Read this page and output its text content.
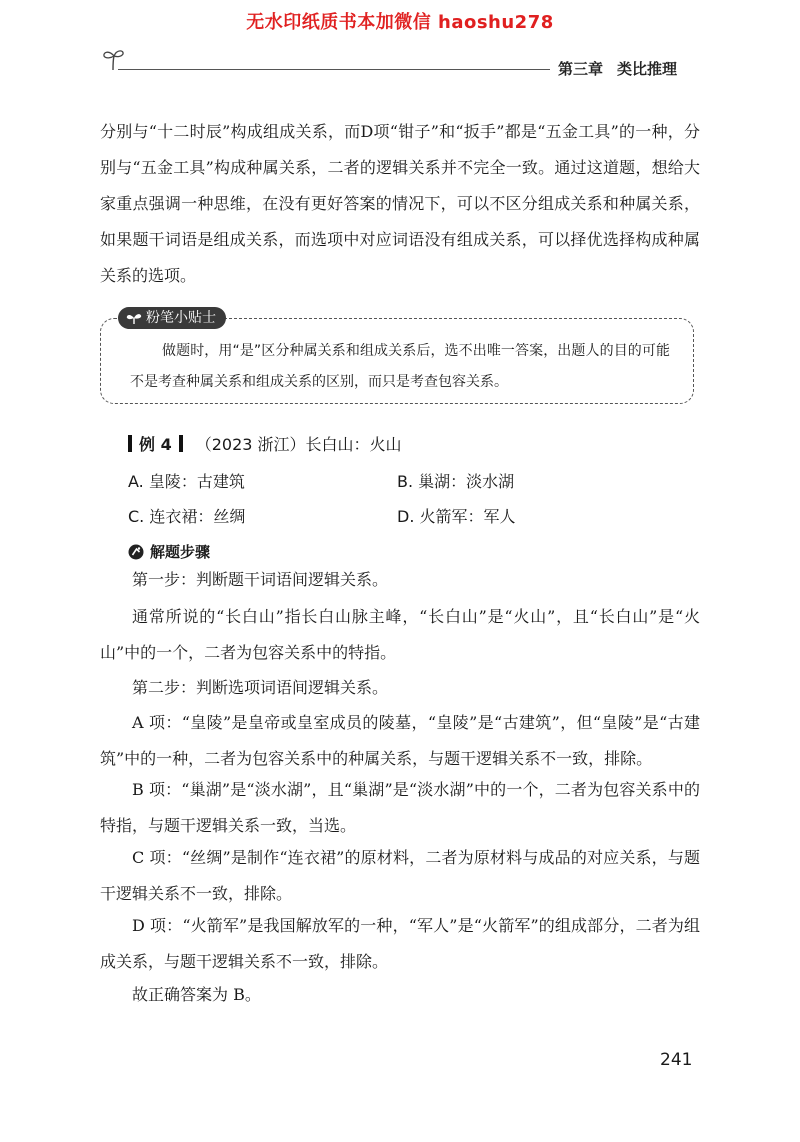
无水印纸质书本加微信 haoshu278
第三章 类比推理
分别与“十二时辰”构成组成关系，而D项“钳子”和“扳手”都是“五金工具”的一种，分别与“五金工具”构成种属关系，二者的逻辑关系并不完全一致。通过这道题，想给大家重点强调一种思维，在没有更好答案的情况下，可以不区分组成关系和种属关系，如果题干词语是组成关系，而选项中对应词语没有组成关系，可以择优选择构成种属关系的选项。
粉笔小贴士
做题时，用“是”区分种属关系和组成关系后，选不出唯一答案，出题人的目的可能不是考查种属关系和组成关系的区别，而只是考查包容关系。
例 4 （2023 浙江）长白山：火山
A. 皇陵：古建筑	B. 巢湖：淡水湖
C. 连衣裙：丝绸	D. 火箭军：军人
解题步骤
第一步：判断题干词语间逻辑关系。
通常所说的“长白山”指长白山脉主峰，“长白山”是“火山”，且“长白山”是“火山”中的一个，二者为包容关系中的特指。
第二步：判断选项词语间逻辑关系。
A 项：“皇陵”是皇帝或皇室成员的陵墓，“皇陵”是“古建筑”，但“皇陵”是“古建筑”中的一种，二者为包容关系中的种属关系，与题干逻辑关系不一致，排除。
B 项：“巢湖”是“淡水湖”，且“巢湖”是“淡水湖”中的一个，二者为包容关系中的特指，与题干逻辑关系一致，当选。
C 项：“丝绸”是制作“连衣裙”的原材料，二者为原材料与成品的对应关系，与题干逻辑关系不一致，排除。
D 项：“火箭军”是我国解放军的一种，“军人”是“火箭军”的组成部分，二者为组成关系，与题干逻辑关系不一致，排除。
故正确答案为 B。
241
